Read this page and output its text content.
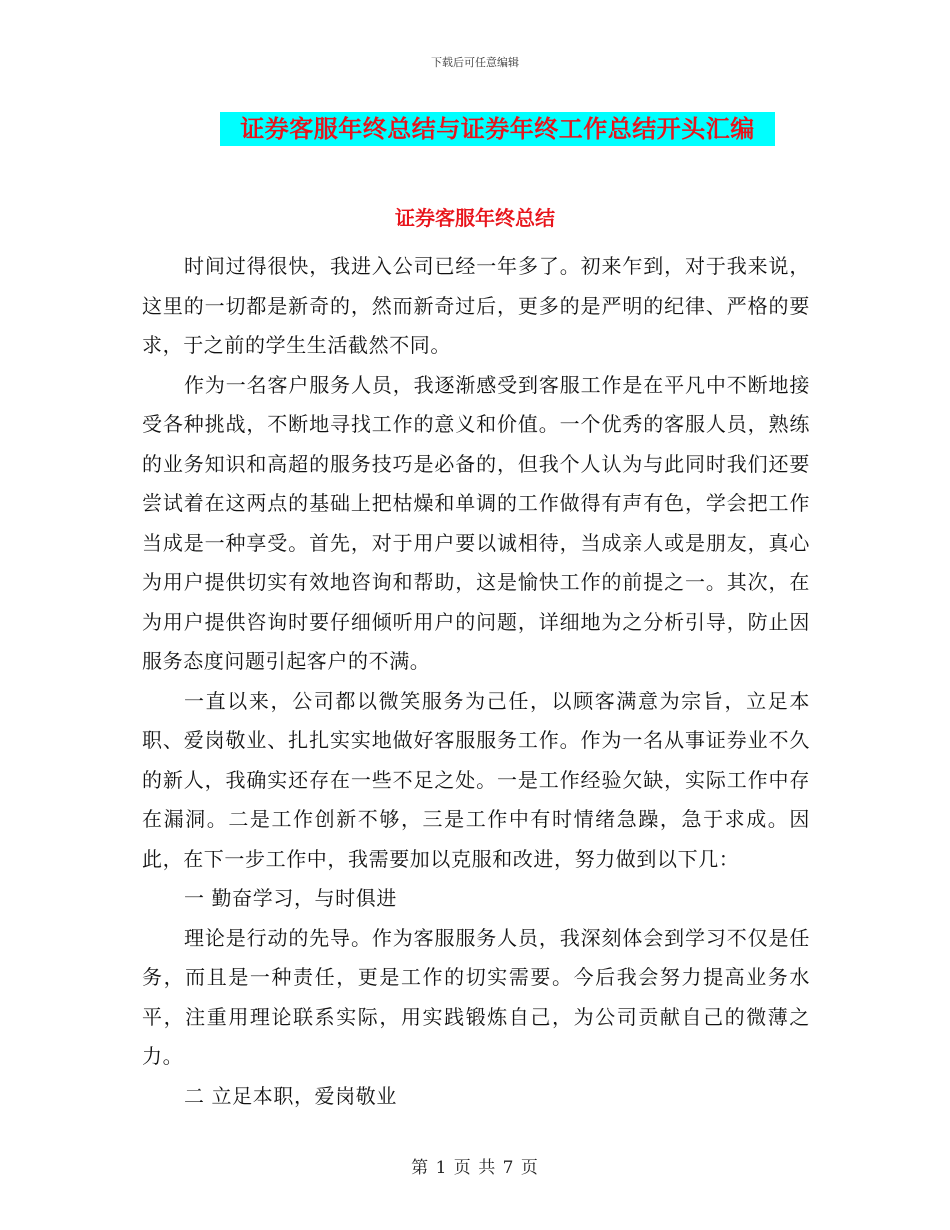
下载后可任意编辑
证券客服年终总结与证券年终工作总结开头汇编
证券客服年终总结

时间过得很快，我进入公司已经一年多了。初来乍到，对于我来说，这里的一切都是新奇的，然而新奇过后，更多的是严明的纪律、严格的要求，于之前的学生生活截然不同。

作为一名客户服务人员，我逐渐感受到客服工作是在平凡中不断地接受各种挑战，不断地寻找工作的意义和价值。一个优秀的客服人员，熟练的业务知识和高超的服务技巧是必备的，但我个人认为与此同时我们还要尝试着在这两点的基础上把枯燥和单调的工作做得有声有色，学会把工作当成是一种享受。首先，对于用户要以诚相待，当成亲人或是朋友，真心为用户提供切实有效地咨询和帮助，这是愉快工作的前提之一。其次，在为用户提供咨询时要仔细倾听用户的问题，详细地为之分析引导，防止因服务态度问题引起客户的不满。

一直以来，公司都以微笑服务为己任，以顾客满意为宗旨，立足本职、爱岗敬业、扎扎实实地做好客服服务工作。作为一名从事证券业不久的新人，我确实还存在一些不足之处。一是工作经验欠缺，实际工作中存在漏洞。二是工作创新不够，三是工作中有时情绪急躁，急于求成。因此，在下一步工作中，我需要加以克服和改进，努力做到以下几：

一 勤奋学习，与时俱进

理论是行动的先导。作为客服服务人员，我深刻体会到学习不仅是任务，而且是一种责任，更是工作的切实需要。今后我会努力提高业务水平，注重用理论联系实际，用实践锻炼自己，为公司贡献自己的微薄之力。

二 立足本职，爱岗敬业

第 1 页 共 7 页
